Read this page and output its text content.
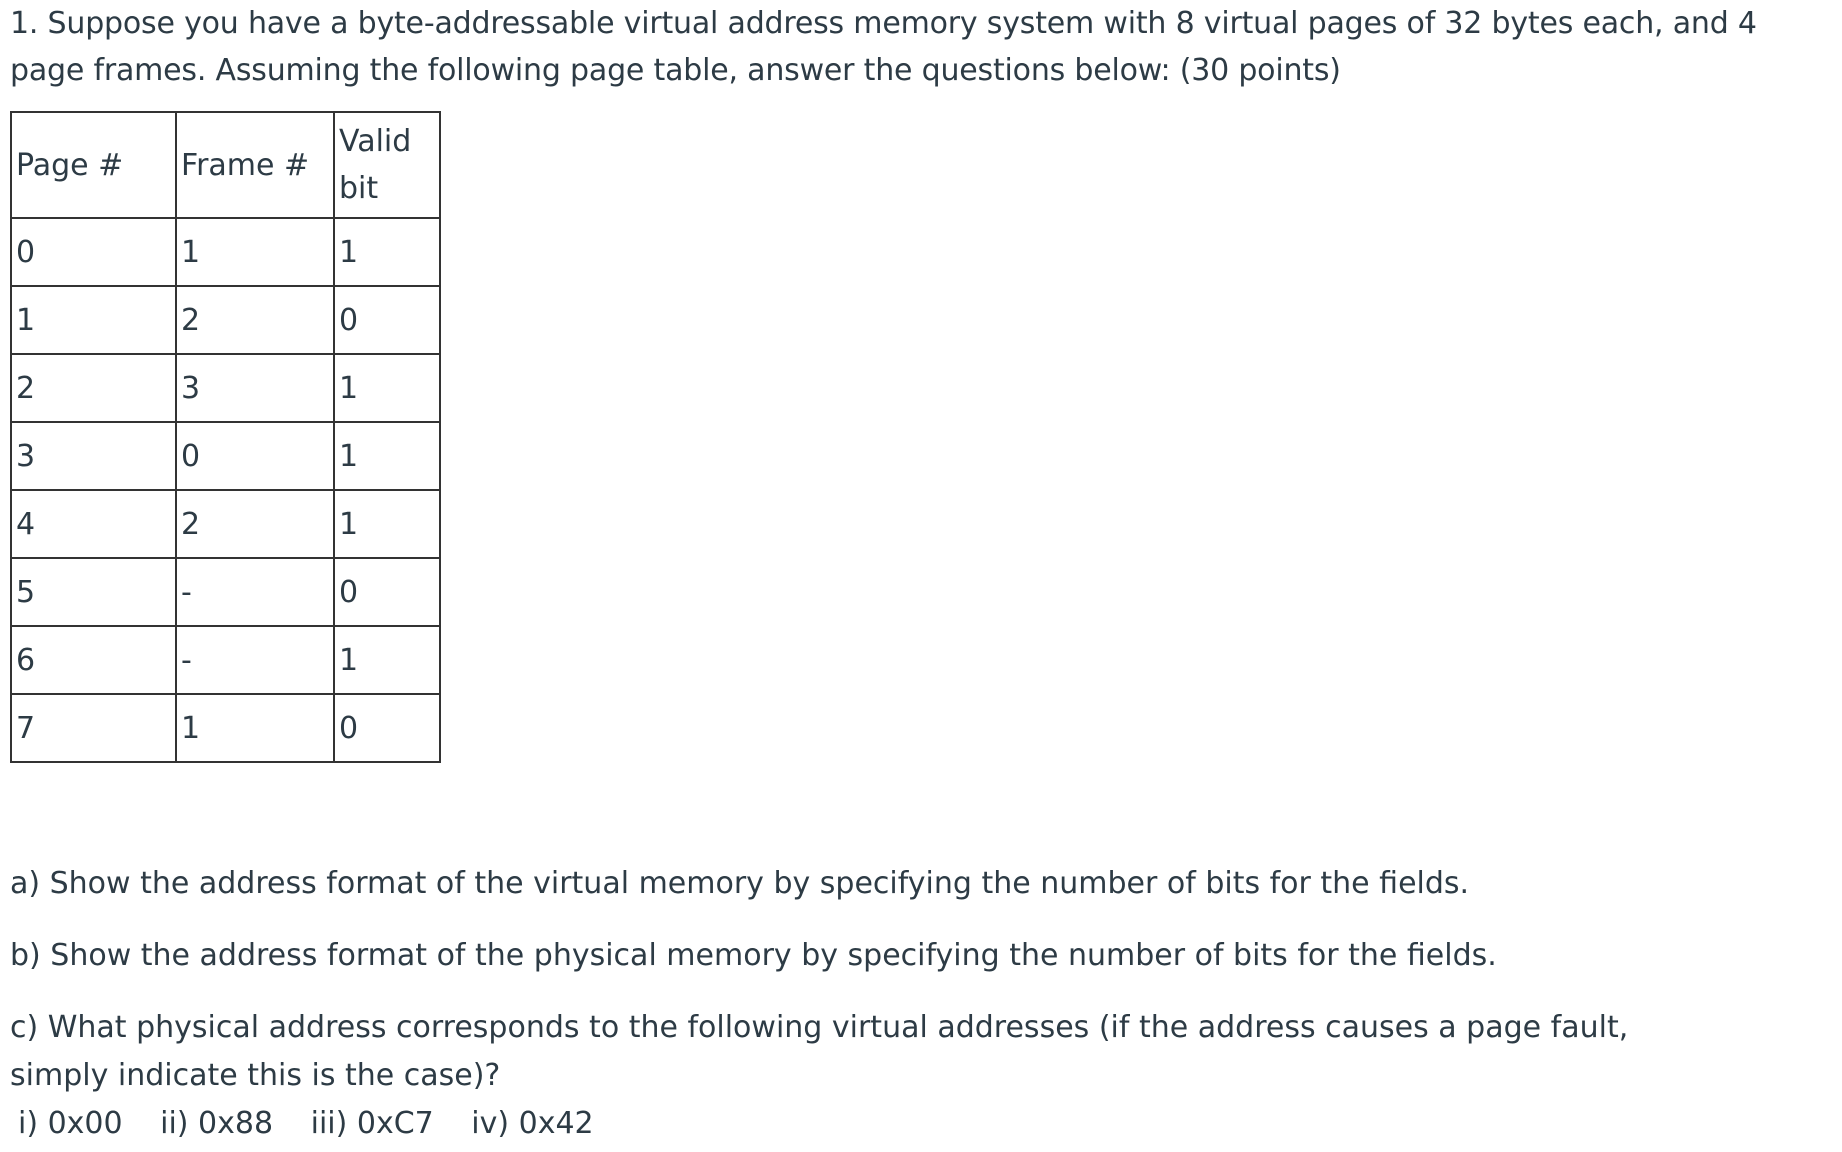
1. Suppose you have a byte-addressable virtual address memory system with 8 virtual pages of 32 bytes each, and 4 page frames. Assuming the following page table, answer the questions below: (30 points)

Page #	Frame #	Valid bit
0	1	1
1	2	0
2	3	1
3	0	1
4	2	1
5	-	0
6	-	1
7	1	0

a) Show the address format of the virtual memory by specifying the number of bits for the fields.

b) Show the address format of the physical memory by specifying the number of bits for the fields.

c) What physical address corresponds to the following virtual addresses (if the address causes a page fault, simply indicate this is the case)?

i) 0x00 ii) 0x88 iii) 0xC7 iv) 0x42
